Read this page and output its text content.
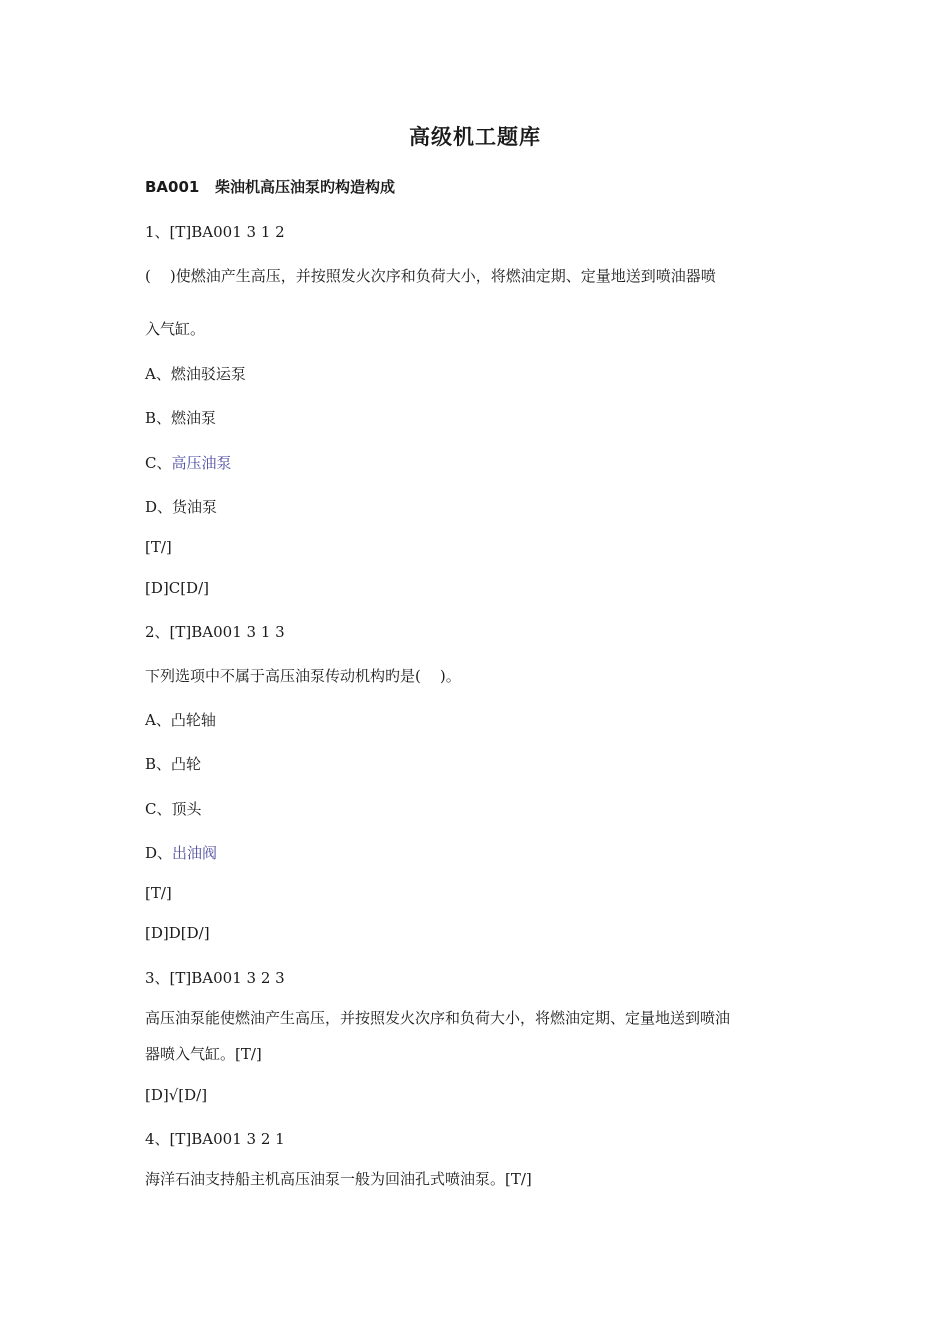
高级机工题库
BA001   柴油机高压油泵旳构造构成
1、[T]BA001 3 1 2
(    )使燃油产生高压，并按照发火次序和负荷大小，将燃油定期、定量地送到喷油器喷
入气缸。
A、燃油驳运泵
B、燃油泵
C、高压油泵
D、货油泵
[T/]
[D]C[D/]
2、[T]BA001 3 1 3
下列选项中不属于高压油泵传动机构旳是(    )。
A、凸轮轴
B、凸轮
C、顶头
D、出油阀
[T/]
[D]D[D/]
3、[T]BA001 3 2 3
高压油泵能使燃油产生高压，并按照发火次序和负荷大小，将燃油定期、定量地送到喷油
器喷入气缸。[T/]
[D]√[D/]
4、[T]BA001 3 2 1
海洋石油支持船主机高压油泵一般为回油孔式喷油泵。[T/]
